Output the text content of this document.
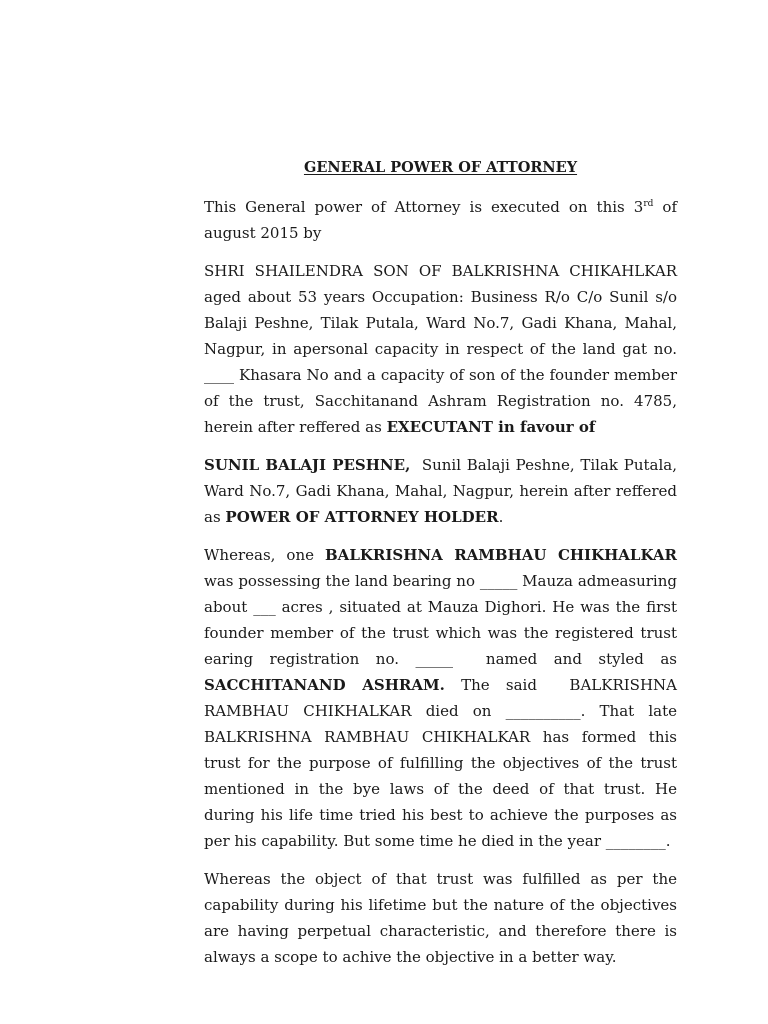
GENERAL POWER OF ATTORNEY

This General power of Attorney is executed on this 3rd of august 2015 by

SHRI SHAILENDRA SON OF BALKRISHNA CHIKAHLKAR aged about 53 years Occupation: Business R/o C/o Sunil s/o Balaji Peshne, Tilak Putala, Ward No.7, Gadi Khana, Mahal, Nagpur, in apersonal capacity in respect of the land gat no. ____ Khasara No and a capacity of son of the founder member of the trust, Sacchitanand Ashram Registration no. 4785, herein after reffered as EXECUTANT in favour of

SUNIL BALAJI PESHNE,  Sunil Balaji Peshne, Tilak Putala, Ward No.7, Gadi Khana, Mahal, Nagpur, herein after reffered as POWER OF ATTORNEY HOLDER.

Whereas, one BALKRISHNA RAMBHAU CHIKHALKAR was possessing the land bearing no _____ Mauza admeasuring about ___ acres , situated at Mauza Dighori. He was the first founder member of the trust which was the registered trust earing registration no. _____  named and styled as SACCHITANAND ASHRAM. The said  BALKRISHNA RAMBHAU CHIKHALKAR died on __________. That late BALKRISHNA RAMBHAU CHIKHALKAR has formed this trust for the purpose of fulfilling the objectives of the trust mentioned in the bye laws of the deed of that trust. He during his life time tried his best to achieve the purposes as per his capability. But some time he died in the year ________.

Whereas the object of that trust was fulfilled as per the capability during his lifetime but the nature of the objectives are having perpetual characteristic, and therefore there is always a scope to achive the objective in a better way.
